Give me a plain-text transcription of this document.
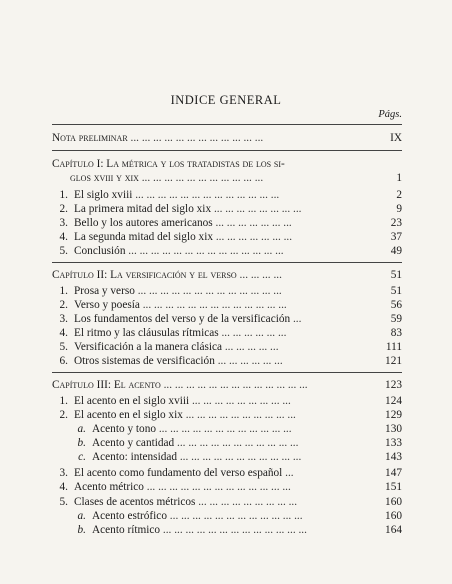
INDICE GENERAL
Págs.
Nota preliminar ... ... ... ... ... ... ... ... ... ... ... ...	IX
Capítulo I: La métrica y los tratadistas de los si-
glos xviii y xix ... ... ... ... ... ... ... ... ... ... ...	1
1. El siglo xviii ... ... ... ... ... ... ... ... ... ... ... ... ...	2
2. La primera mitad del siglo xix ... ... ... ... ... ... ... ...	9
3. Bello y los autores americanos ... ... ... ... ... ... ...	23
4. La segunda mitad del siglo xix ... ... ... ... ... ... ...	37
5. Conclusión ... ... ... ... ... ... ... ... ... ... ... ... ... ...	49
Capítulo II: La versificación y el verso ... ... ... ...	51
1. Prosa y verso ... ... ... ... ... ... ... ... ... ... ... ... ...	51
2. Verso y poesía ... ... ... ... ... ... ... ... ... ... ... ... ...	56
3. Los fundamentos del verso y de la versificación ...	59
4. El ritmo y las cláusulas rítmicas ... ... ... ... ... ...	83
5. Versificación a la manera clásica ... ... ... ... ...	111
6. Otros sistemas de versificación ... ... ... ... ... ...	121
Capítulo III: El acento ... ... ... ... ... ... ... ... ... ... ... ... ...	123
1. El acento en el siglo xviii ... ... ... ... ... ... ... ... ...	124
2. El acento en el siglo xix ... ... ... ... ... ... ... ... ... ...	129
a. Acento y tono ... ... ... ... ... ... ... ... ... ... ... ...	130
b. Acento y cantidad ... ... ... ... ... ... ... ... ... ... ...	133
c. Acento: intensidad ... ... ... ... ... ... ... ... ... ... ...	143
3. El acento como fundamento del verso español ...	147
4. Acento métrico ... ... ... ... ... ... ... ... ... ... ... ... ...	151
5. Clases de acentos métricos ... ... ... ... ... ... ... ... ...	160
a. Acento estrófico ... ... ... ... ... ... ... ... ... ... ... ...	160
b. Acento rítmico ... ... ... ... ... ... ... ... ... ... ... ... ...	164
